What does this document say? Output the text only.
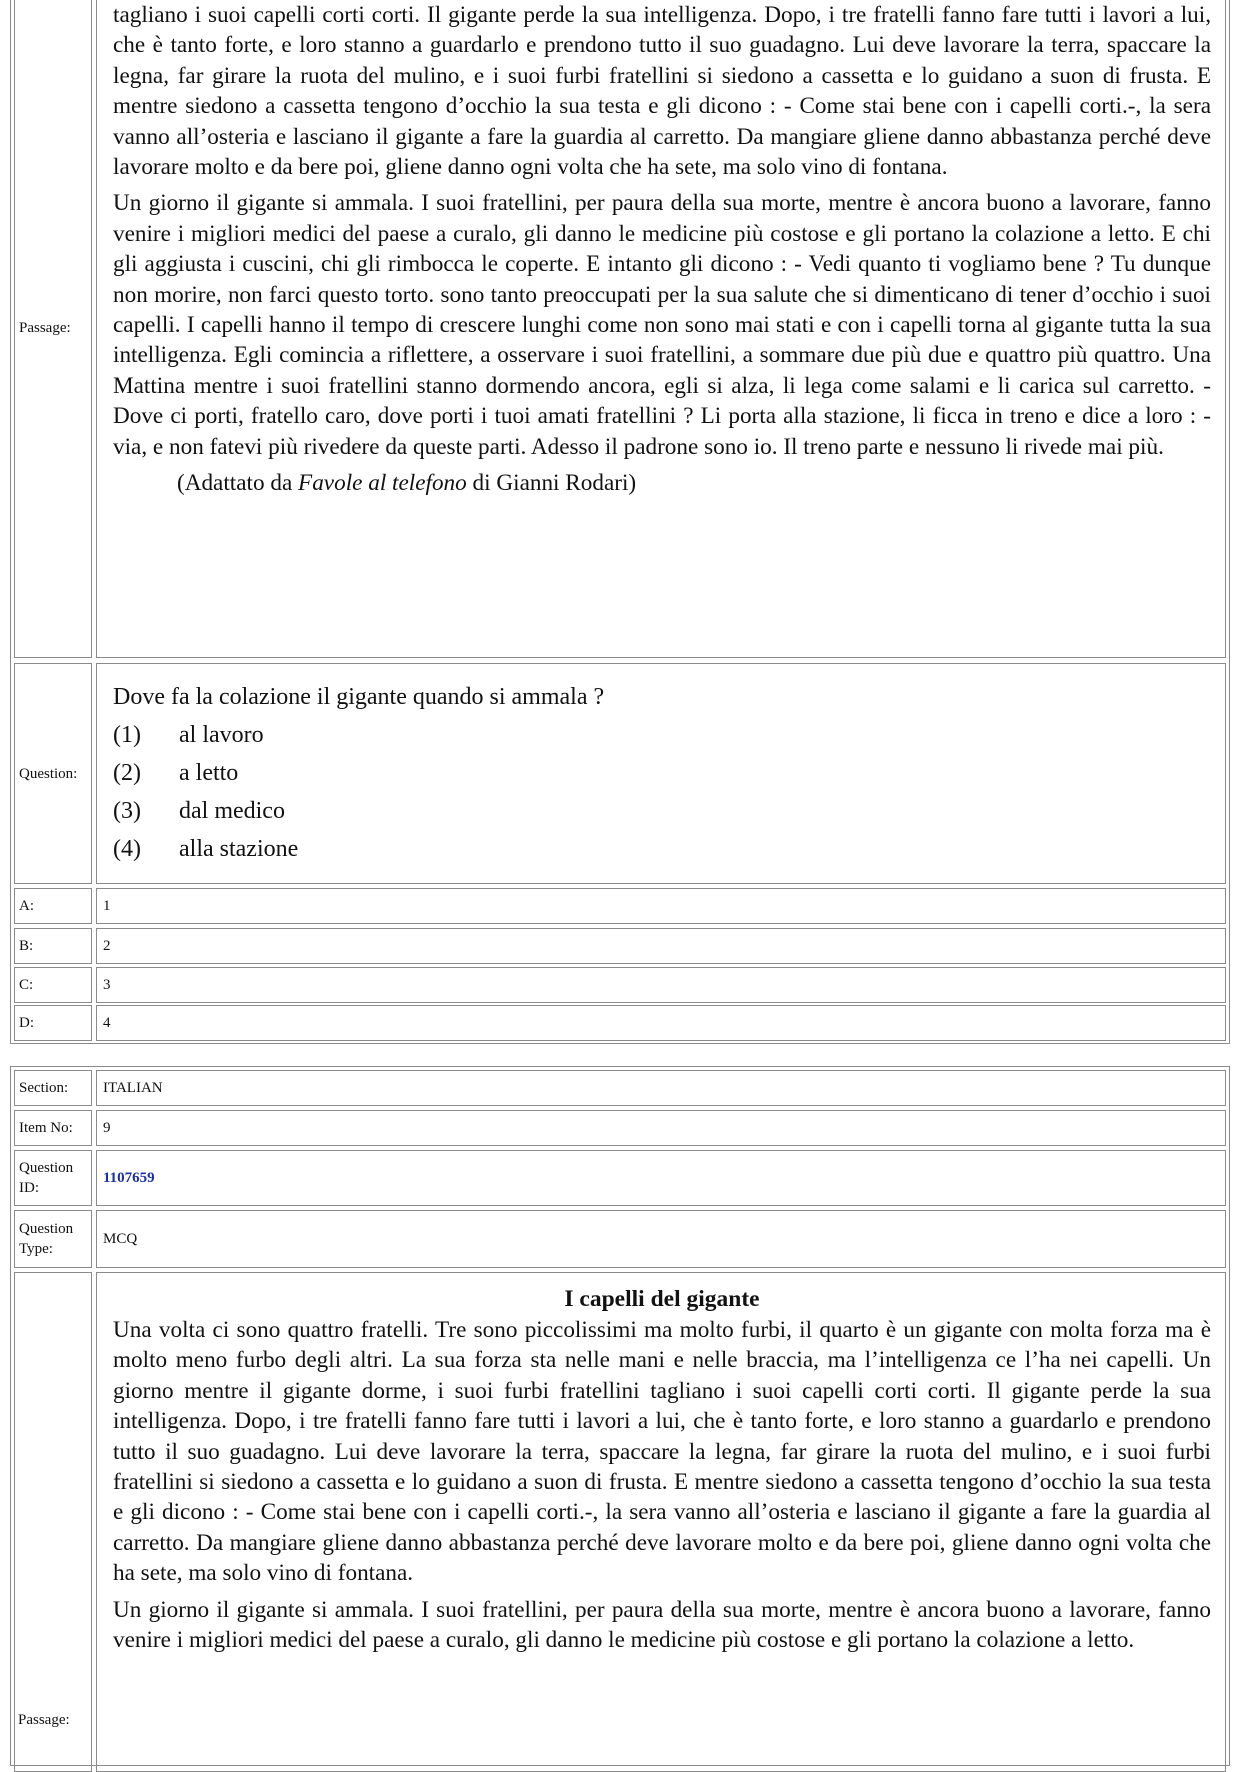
Passage:

tagliano i suoi capelli corti corti. Il gigante perde la sua intelligenza. Dopo, i tre fratelli fanno fare tutti i lavori a lui, che è tanto forte, e loro stanno a guardarlo e prendono tutto il suo guadagno. Lui deve lavorare la terra, spaccare la legna, far girare la ruota del mulino, e i suoi furbi fratellini si siedono a cassetta e lo guidano a suon di frusta. E mentre siedono a cassetta tengono d’occhio la sua testa e gli dicono : - Come stai bene con i capelli corti.-, la sera vanno all’osteria e lasciano il gigante a fare la guardia al carretto. Da mangiare gliene danno abbastanza perché deve lavorare molto e da bere poi, gliene danno ogni volta che ha sete, ma solo vino di fontana.

Un giorno il gigante si ammala. I suoi fratellini, per paura della sua morte, mentre è ancora buono a lavorare, fanno venire i migliori medici del paese a curalo, gli danno le medicine più costose e gli portano la colazione a letto. E chi gli aggiusta i cuscini, chi gli rimbocca le coperte. E intanto gli dicono : - Vedi quanto ti vogliamo bene ? Tu dunque non morire, non farci questo torto. sono tanto preoccupati per la sua salute che si dimenticano di tener d’occhio i suoi capelli. I capelli hanno il tempo di crescere lunghi come non sono mai stati e con i capelli torna al gigante tutta la sua intelligenza. Egli comincia a riflettere, a osservare i suoi fratellini, a sommare due più due e quattro più quattro. Una Mattina mentre i suoi fratellini stanno dormendo ancora, egli si alza, li lega come salami e li carica sul carretto. - Dove ci porti, fratello caro, dove porti i tuoi amati fratellini ? Li porta alla stazione, li ficca in treno e dice a loro : - via, e non fatevi più rivedere da queste parti. Adesso il padrone sono io. Il treno parte e nessuno li rivede mai più.

(Adattato da Favole al telefono di Gianni Rodari)
Question:
Dove fa la colazione il gigante quando si ammala ?
(1)	al lavoro
(2)	a letto
(3)	dal medico
(4)	alla stazione
A:	1
B:	2
C:	3
D:	4
Section:	ITALIAN
Item No:	9
Question ID:
1107659
Question Type:
MCQ
Passage:
I capelli del gigante

Una volta ci sono quattro fratelli. Tre sono piccolissimi ma molto furbi, il quarto è un gigante con molta forza ma è molto meno furbo degli altri. La sua forza sta nelle mani e nelle braccia, ma l’intelligenza ce l’ha nei capelli. Un giorno mentre il gigante dorme, i suoi furbi fratellini tagliano i suoi capelli corti corti. Il gigante perde la sua intelligenza. Dopo, i tre fratelli fanno fare tutti i lavori a lui, che è tanto forte, e loro stanno a guardarlo e prendono tutto il suo guadagno. Lui deve lavorare la terra, spaccare la legna, far girare la ruota del mulino, e i suoi furbi fratellini si siedono a cassetta e lo guidano a suon di frusta. E mentre siedono a cassetta tengono d’occhio la sua testa e gli dicono : - Come stai bene con i capelli corti.-, la sera vanno all’osteria e lasciano il gigante a fare la guardia al carretto. Da mangiare gliene danno abbastanza perché deve lavorare molto e da bere poi, gliene danno ogni volta che ha sete, ma solo vino di fontana.

Un giorno il gigante si ammala. I suoi fratellini, per paura della sua morte, mentre è ancora buono a lavorare, fanno venire i migliori medici del paese a curalo, gli danno le medicine più costose e gli portano la colazione a letto.
